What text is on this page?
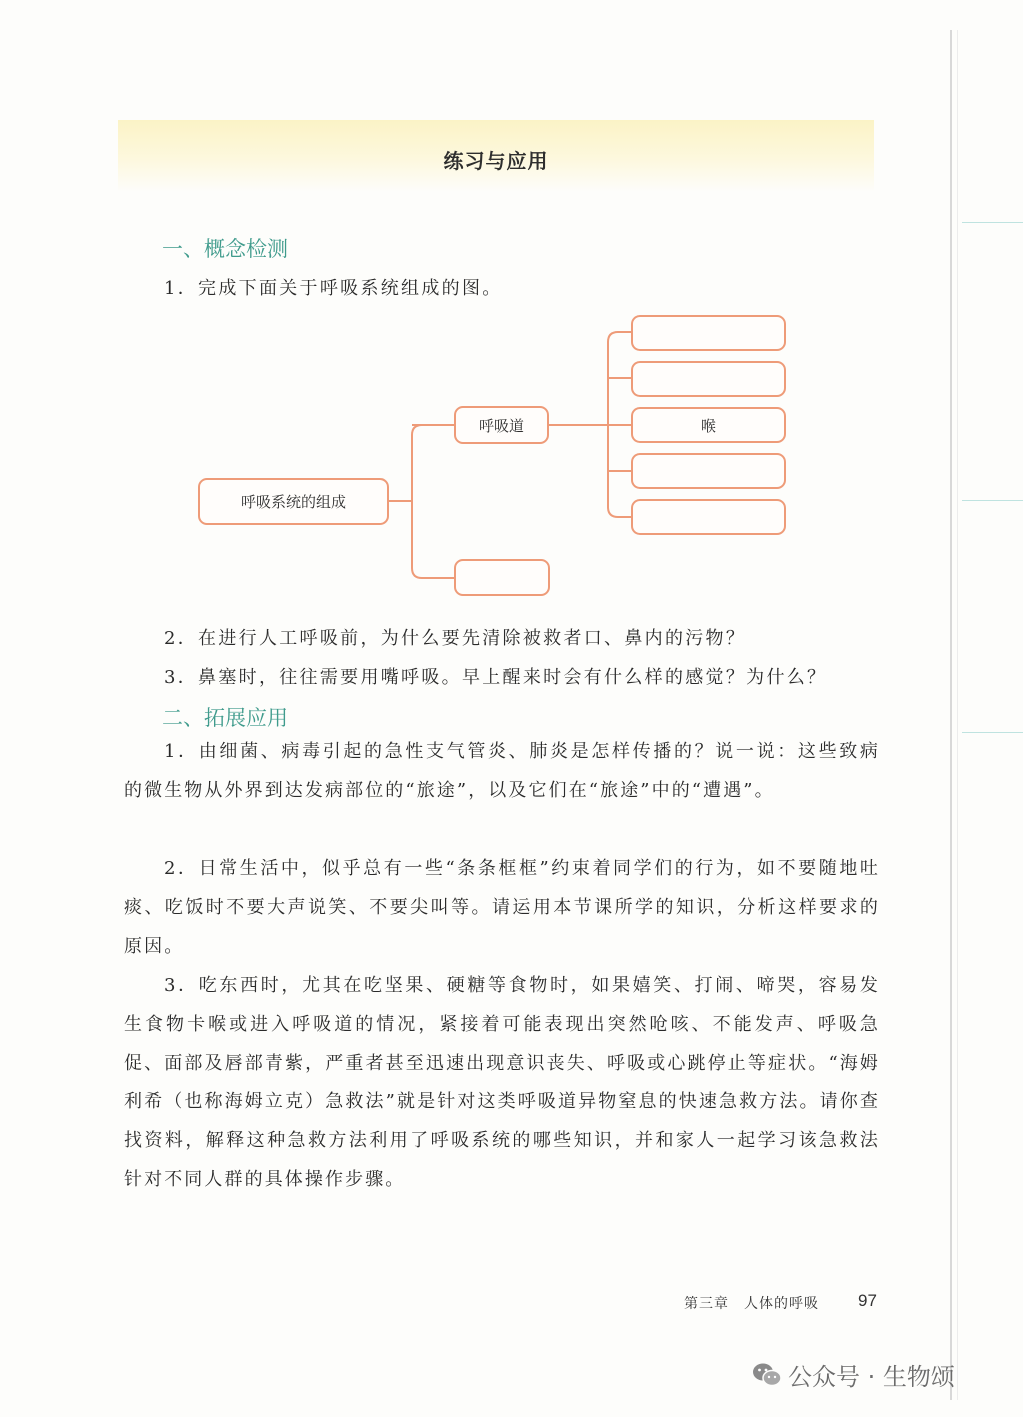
练习与应用
一、概念检测
1．完成下面关于呼吸系统组成的图。
呼吸系统的组成
呼吸道	喉
2．在进行人工呼吸前，为什么要先清除被救者口、鼻内的污物？
3．鼻塞时，往往需要用嘴呼吸。早上醒来时会有什么样的感觉？为什么？
二、拓展应用

1．由细菌、病毒引起的急性支气管炎、肺炎是怎样传播的？说一说：这些致病的微生物从外界到达发病部位的“旅途”，以及它们在“旅途”中的“遭遇”。

2．日常生活中，似乎总有一些“条条框框”约束着同学们的行为，如不要随地吐痰、吃饭时不要大声说笑、不要尖叫等。请运用本节课所学的知识，分析这样要求的原因。

3．吃东西时，尤其在吃坚果、硬糖等食物时，如果嬉笑、打闹、啼哭，容易发生食物卡喉或进入呼吸道的情况，紧接着可能表现出突然呛咳、不能发声、呼吸急促、面部及唇部青紫，严重者甚至迅速出现意识丧失、呼吸或心跳停止等症状。“海姆利希（也称海姆立克）急救法”就是针对这类呼吸道异物窒息的快速急救方法。请你查找资料，解释这种急救方法利用了呼吸系统的哪些知识，并和家人一起学习该急救法针对不同人群的具体操作步骤。

第三章　人体的呼吸 97
公众号 · 生物颂
